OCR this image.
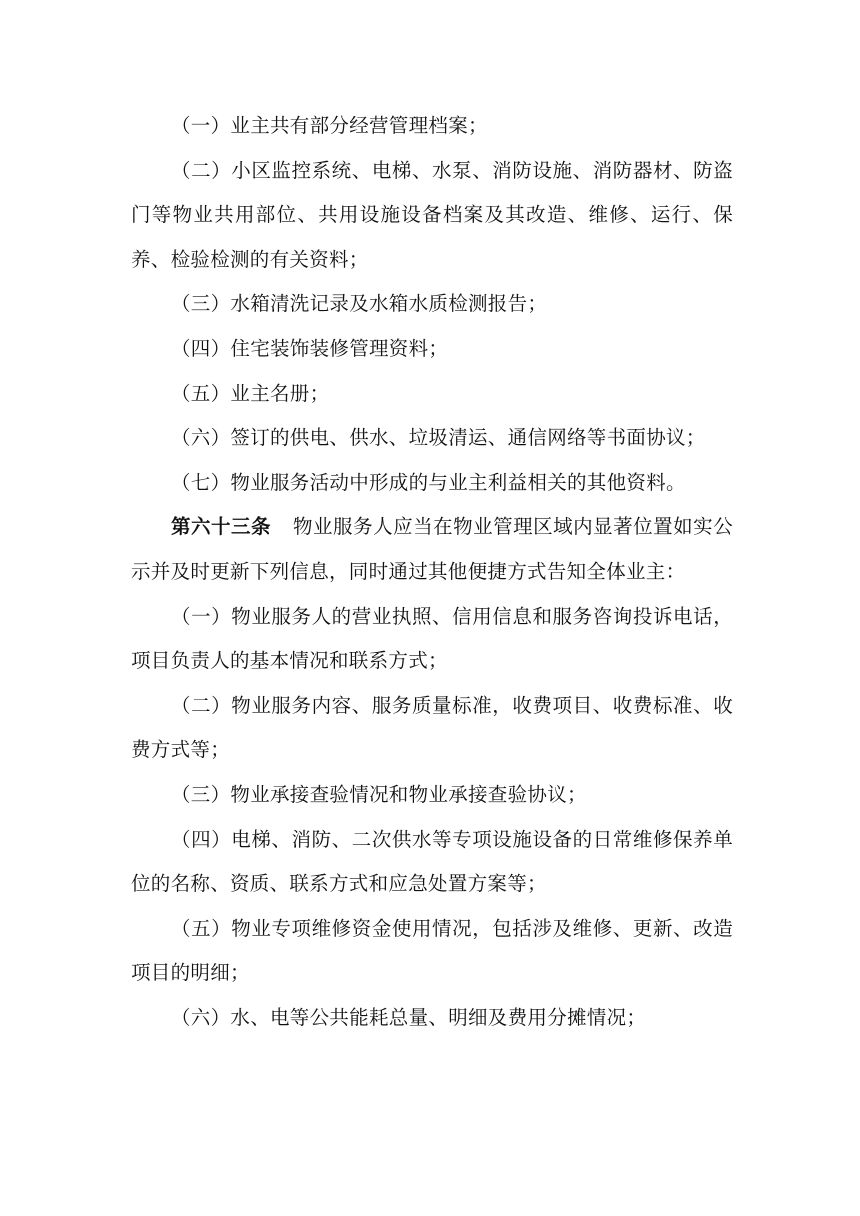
（一）业主共有部分经营管理档案；

（二）小区监控系统、电梯、水泵、消防设施、消防器材、防盗门等物业共用部位、共用设施设备档案及其改造、维修、运行、保养、检验检测的有关资料；

（三）水箱清洗记录及水箱水质检测报告；

（四）住宅装饰装修管理资料；

（五）业主名册；

（六）签订的供电、供水、垃圾清运、通信网络等书面协议；

（七）物业服务活动中形成的与业主利益相关的其他资料。

第六十三条 物业服务人应当在物业管理区域内显著位置如实公示并及时更新下列信息，同时通过其他便捷方式告知全体业主：

（一）物业服务人的营业执照、信用信息和服务咨询投诉电话，项目负责人的基本情况和联系方式；

（二）物业服务内容、服务质量标准，收费项目、收费标准、收费方式等；

（三）物业承接查验情况和物业承接查验协议；

（四）电梯、消防、二次供水等专项设施设备的日常维修保养单位的名称、资质、联系方式和应急处置方案等；

（五）物业专项维修资金使用情况，包括涉及维修、更新、改造项目的明细；

（六）水、电等公共能耗总量、明细及费用分摊情况；
